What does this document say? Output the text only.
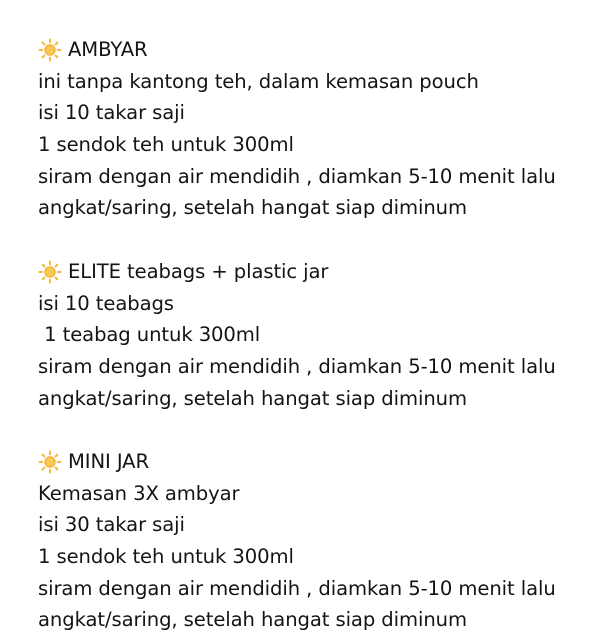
AMBYAR
ini tanpa kantong teh, dalam kemasan pouch
isi 10 takar saji
1 sendok teh untuk 300ml
siram dengan air mendidih , diamkan 5-10 menit lalu
angkat/saring, setelah hangat siap diminum
ELITE teabags + plastic jar
isi 10 teabags
1 teabag untuk 300ml
siram dengan air mendidih , diamkan 5-10 menit lalu
angkat/saring, setelah hangat siap diminum
MINI JAR
Kemasan 3X ambyar
isi 30 takar saji
1 sendok teh untuk 300ml
siram dengan air mendidih , diamkan 5-10 menit lalu
angkat/saring, setelah hangat siap diminum
